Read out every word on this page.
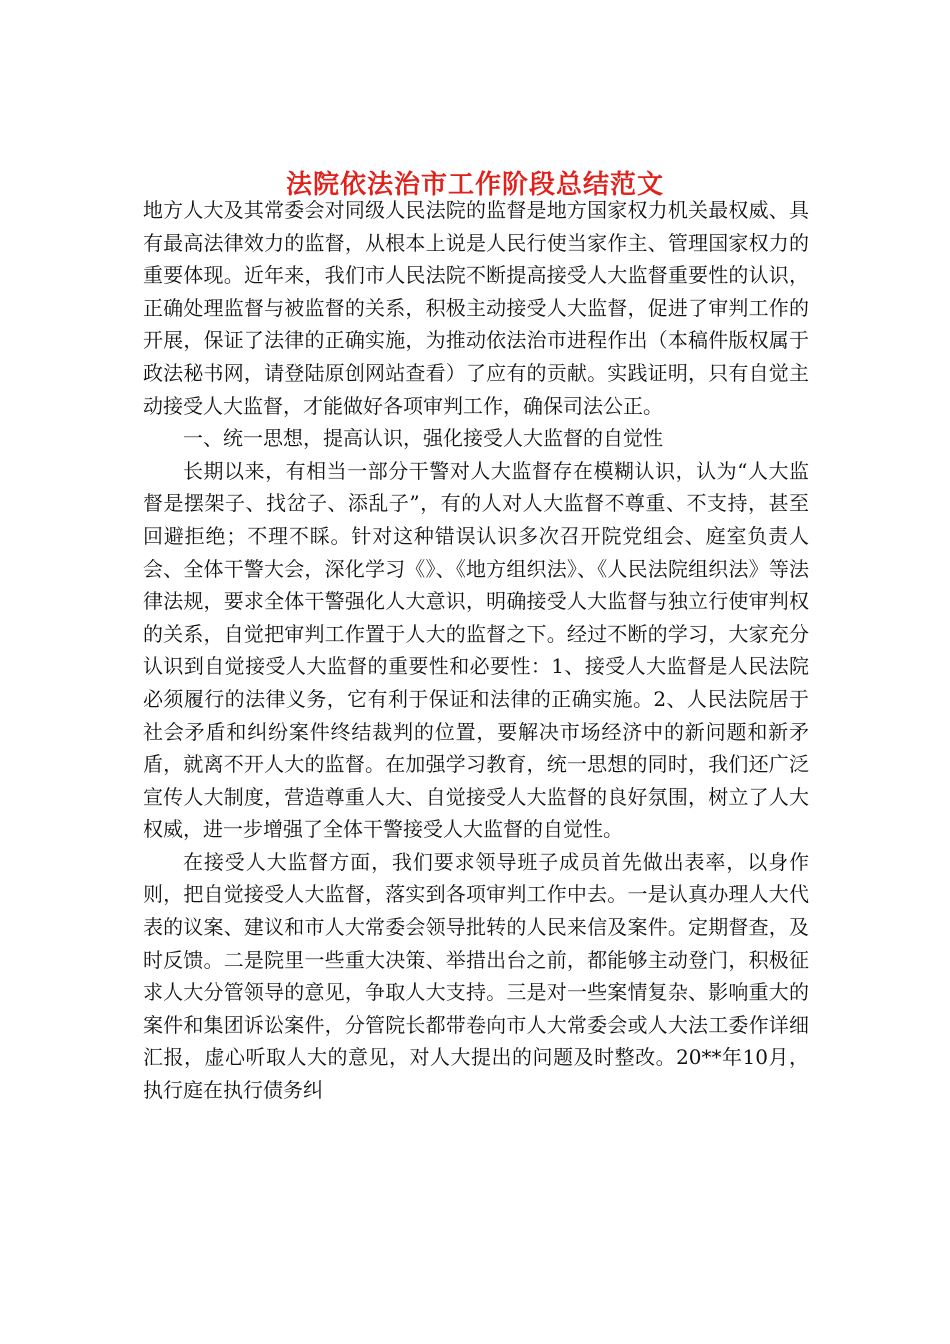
法院依法治市工作阶段总结范文

地方人大及其常委会对同级人民法院的监督是地方国家权力机关最权威、具有最高法律效力的监督，从根本上说是人民行使当家作主、管理国家权力的重要体现。近年来，我们市人民法院不断提高接受人大监督重要性的认识，正确处理监督与被监督的关系，积极主动接受人大监督，促进了审判工作的开展，保证了法律的正确实施，为推动依法治市进程作出（本稿件版权属于政法秘书网，请登陆原创网站查看）了应有的贡献。实践证明，只有自觉主动接受人大监督，才能做好各项审判工作，确保司法公正。

一、统一思想，提高认识，强化接受人大监督的自觉性

长期以来，有相当一部分干警对人大监督存在模糊认识，认为“人大监督是摆架子、找岔子、添乱子”，有的人对人大监督不尊重、不支持，甚至回避拒绝；不理不睬。针对这种错误认识多次召开院党组会、庭室负责人会、全体干警大会，深化学习《》、《地方组织法》、《人民法院组织法》等法律法规，要求全体干警强化人大意识，明确接受人大监督与独立行使审判权的关系，自觉把审判工作置于人大的监督之下。经过不断的学习，大家充分认识到自觉接受人大监督的重要性和必要性：1、接受人大监督是人民法院必须履行的法律义务，它有利于保证和法律的正确实施。2、人民法院居于社会矛盾和纠纷案件终结裁判的位置，要解决市场经济中的新问题和新矛盾，就离不开人大的监督。在加强学习教育，统一思想的同时，我们还广泛宣传人大制度，营造尊重人大、自觉接受人大监督的良好氛围，树立了人大权威，进一步增强了全体干警接受人大监督的自觉性。

在接受人大监督方面，我们要求领导班子成员首先做出表率，以身作则，把自觉接受人大监督，落实到各项审判工作中去。一是认真办理人大代表的议案、建议和市人大常委会领导批转的人民来信及案件。定期督查，及时反馈。二是院里一些重大决策、举措出台之前，都能够主动登门，积极征求人大分管领导的意见，争取人大支持。三是对一些案情复杂、影响重大的案件和集团诉讼案件，分管院长都带卷向市人大常委会或人大法工委作详细汇报，虚心听取人大的意见，对人大提出的问题及时整改。20**年10月，执行庭在执行债务纠
